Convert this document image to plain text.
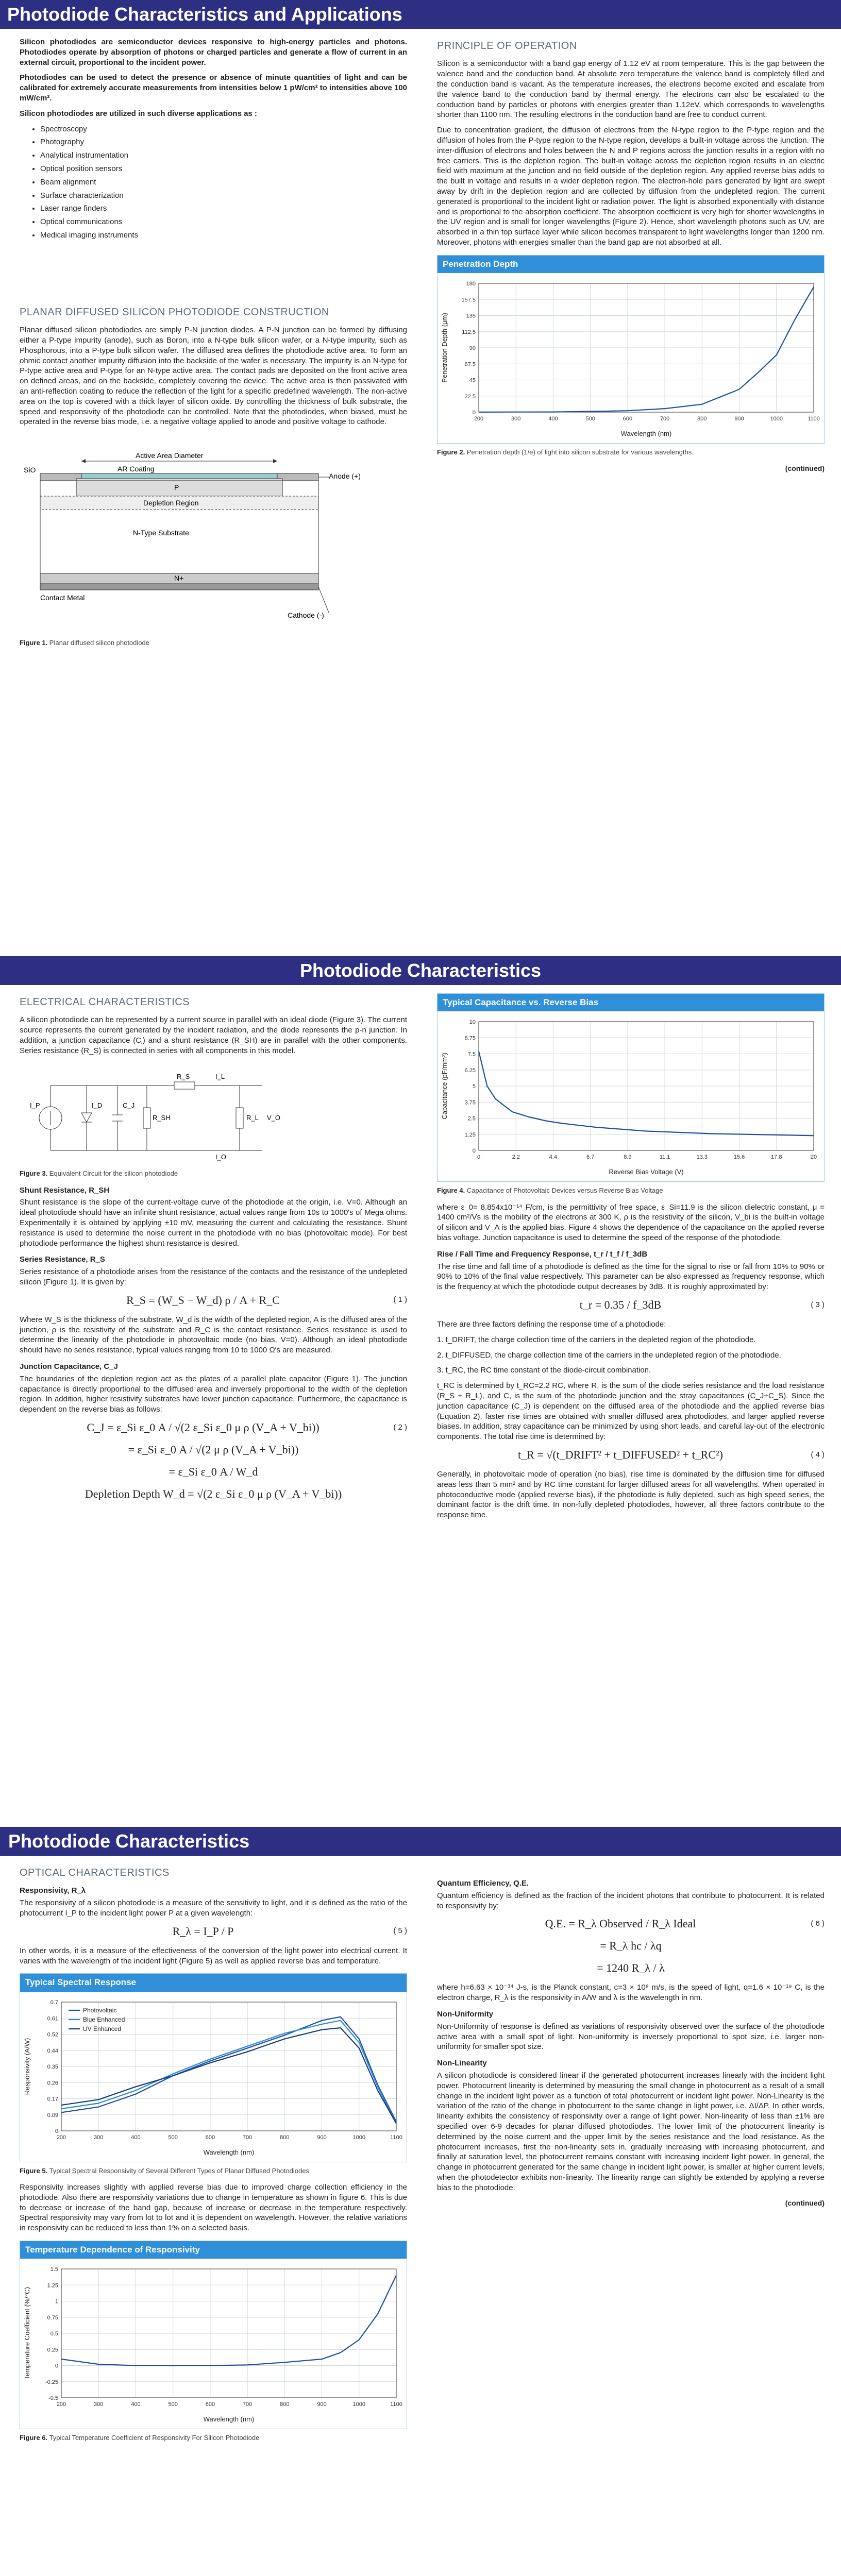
Photodiode Characteristics and Applications

Silicon photodiodes are semiconductor devices responsive to high-energy particles and photons. Photodiodes operate by absorption of photons or charged particles and generate a flow of current in an external circuit, proportional to the incident power.

Photodiodes can be used to detect the presence or absence of minute quantities of light and can be calibrated for extremely accurate measurements from intensities below 1 pW/cm² to intensities above 100 mW/cm².

Silicon photodiodes are utilized in such diverse applications as :

• Spectroscopy
• Photography
• Analytical instrumentation
• Optical position sensors
• Beam alignment
• Surface characterization
• Laser range finders
• Optical communications
• Medical imaging instruments
PLANAR DIFFUSED SILICON PHOTODIODE CONSTRUCTION

Planar diffused silicon photodiodes are simply P-N junction diodes. A P-N junction can be formed by diffusing either a P-type impurity (anode), such as Boron, into a N-type bulk silicon wafer, or a N-type impurity, such as Phosphorous, into a P-type bulk silicon wafer. The diffused area defines the photodiode active area. To form an ohmic contact another impurity diffusion into the backside of the wafer is necessary. The impurity is an N-type for P-type active area and P-type for an N-type active area. The contact pads are deposited on the front active area on defined areas, and on the backside, completely covering the device. The active area is then passivated with an anti-reflection coating to reduce the reflection of the light for a specific predefined wavelength. The non-active area on the top is covered with a thick layer of silicon oxide. By controlling the thickness of bulk substrate, the speed and responsivity of the photodiode can be controlled. Note that the photodiodes, when biased, must be operated in the reverse bias mode, i.e. a negative voltage applied to anode and positive voltage to cathode.

Active Area Diameter
SiO	AR Coating
P
Anode (+)
Depletion Region
N-Type Substrate
N+
Contact Metal
Cathode (-)
Figure 1. Planar diffused silicon photodiode
PRINCIPLE OF OPERATION

Silicon is a semiconductor with a band gap energy of 1.12 eV at room temperature. This is the gap between the valence band and the conduction band. At absolute zero temperature the valence band is completely filled and the conduction band is vacant. As the temperature increases, the electrons become excited and escalate from the valence band to the conduction band by thermal energy. The electrons can also be escalated to the conduction band by particles or photons with energies greater than 1.12eV, which corresponds to wavelengths shorter than 1100 nm. The resulting electrons in the conduction band are free to conduct current.

Due to concentration gradient, the diffusion of electrons from the N-type region to the P-type region and the diffusion of holes from the P-type region to the N-type region, develops a built-in voltage across the junction. The inter-diffusion of electrons and holes between the N and P regions across the junction results in a region with no free carriers. This is the depletion region. The built-in voltage across the depletion region results in an electric field with maximum at the junction and no field outside of the depletion region. Any applied reverse bias adds to the built in voltage and results in a wider depletion region. The electron-hole pairs generated by light are swept away by drift in the depletion region and are collected by diffusion from the undepleted region. The current generated is proportional to the incident light or radiation power. The light is absorbed exponentially with distance and is proportional to the absorption coefficient. The absorption coefficient is very high for shorter wavelengths in the UV region and is small for longer wavelengths (Figure 2). Hence, short wavelength photons such as UV, are absorbed in a thin top surface layer while silicon becomes transparent to light wavelengths longer than 1200 nm. Moreover, photons with energies smaller than the band gap are not absorbed at all.

Penetration Depth
0
22.5
45
67.5
90
112.5
135
157.5
180
200	300	400	500	600	700	800	900	1000	1100
Wavelength (nm)
Penetration Depth (µm)
Figure 2. Penetration depth (1/e) of light into silicon substrate for various wavelengths.
(continued)
Photodiode Characteristics
ELECTRICAL CHARACTERISTICS

A silicon photodiode can be represented by a current source in parallel with an ideal diode (Figure 3). The current source represents the current generated by the incident radiation, and the diode represents the p-n junction. In addition, a junction capacitance (Cⱼ) and a shunt resistance (R_SH) are in parallel with the other components. Series resistance (R_S) is connected in series with all components in this model.

I_P	I_D	C_J
R_SH
R_S	I_L
R_L V_O
I_O
Figure 3. Equivalent Circuit for the silicon photodiode
Shunt Resistance, R_SH

Shunt resistance is the slope of the current-voltage curve of the photodiode at the origin, i.e. V=0. Although an ideal photodiode should have an infinite shunt resistance, actual values range from 10s to 1000's of Mega ohms. Experimentally it is obtained by applying ±10 mV, measuring the current and calculating the resistance. Shunt resistance is used to determine the noise current in the photodiode with no bias (photovoltaic mode). For best photodiode performance the highest shunt resistance is desired.

Series Resistance, R_S

Series resistance of a photodiode arises from the resistance of the contacts and the resistance of the undepleted silicon (Figure 1). It is given by:

R_S = (W_S − W_d) ρ / A + R_C	( 1 )

Where W_S is the thickness of the substrate, W_d is the width of the depleted region, A is the diffused area of the junction, ρ is the resistivity of the substrate and R_C is the contact resistance. Series resistance is used to determine the linearity of the photodiode in photovoltaic mode (no bias, V=0). Although an ideal photodiode should have no series resistance, typical values ranging from 10 to 1000 Ω's are measured.

Junction Capacitance, C_J

The boundaries of the depletion region act as the plates of a parallel plate capacitor (Figure 1). The junction capacitance is directly proportional to the diffused area and inversely proportional to the width of the depletion region. In addition, higher resistivity substrates have lower junction capacitance. Furthermore, the capacitance is dependent on the reverse bias as follows:

C_J = ε_Si ε_0 A / √(2 ε_Si ε_0 μ ρ (V_A + V_bi))	( 2 )
= ε_Si ε_0 A / √(2 μ ρ (V_A + V_bi))
= ε_Si ε_0 A / W_d
Depletion Depth W_d = √(2 ε_Si ε_0 μ ρ (V_A + V_bi))
Typical Capacitance vs. Reverse Bias
0
1.25
2.5
3.75
5
6.25
7.5
8.75
10
0	2.2	4.4	6.7	8.9	11.1	13.3	15.6	17.8	20
Reverse Bias Voltage (V)
Capacitance (pF/mm²)
Figure 4. Capacitance of Photovoltaic Devices versus Reverse Bias Voltage

where ε_0= 8.854x10⁻¹⁴ F/cm, is the permittivity of free space, ε_Si=11.9 is the silicon dielectric constant, μ = 1400 cm²/Vs is the mobility of the electrons at 300 K, ρ is the resistivity of the silicon, V_bi is the built-in voltage of silicon and V_A is the applied bias. Figure 4 shows the dependence of the capacitance on the applied reverse bias voltage. Junction capacitance is used to determine the speed of the response of the photodiode.

Rise / Fall Time and Frequency Response, t_r / t_f / f_3dB

The rise time and fall time of a photodiode is defined as the time for the signal to rise or fall from 10% to 90% or 90% to 10% of the final value respectively. This parameter can be also expressed as frequency response, which is the frequency at which the photodiode output decreases by 3dB. It is roughly approximated by:

t_r = 0.35 / f_3dB	( 3 )

There are three factors defining the response time of a photodiode:

1. t_DRIFT, the charge collection time of the carriers in the depleted region of the photodiode.

2. t_DIFFUSED, the charge collection time of the carriers in the undepleted region of the photodiode.

3. t_RC, the RC time constant of the diode-circuit combination.

t_RC is determined by t_RC=2.2 RC, where R, is the sum of the diode series resistance and the load resistance (R_S + R_L), and C, is the sum of the photodiode junction and the stray capacitances (C_J+C_S). Since the junction capacitance (C_J) is dependent on the diffused area of the photodiode and the applied reverse bias (Equation 2), faster rise times are obtained with smaller diffused area photodiodes, and larger applied reverse biases. In addition, stray capacitance can be minimized by using short leads, and careful lay-out of the electronic components. The total rise time is determined by:

t_R = √(t_DRIFT² + t_DIFFUSED² + t_RC²)	( 4 )

Generally, in photovoltaic mode of operation (no bias), rise time is dominated by the diffusion time for diffused areas less than 5 mm² and by RC time constant for larger diffused areas for all wavelengths. When operated in photoconductive mode (applied reverse bias), if the photodiode is fully depleted, such as high speed series, the dominant factor is the drift time. In non-fully depleted photodiodes, however, all three factors contribute to the response time.

Photodiode Characteristics
OPTICAL CHARACTERISTICS
Responsivity, R_λ

The responsivity of a silicon photodiode is a measure of the sensitivity to light, and it is defined as the ratio of the photocurrent I_P to the incident light power P at a given wavelength:

R_λ = I_P / P	( 5 )

In other words, it is a measure of the effectiveness of the conversion of the light power into electrical current. It varies with the wavelength of the incident light (Figure 5) as well as applied reverse bias and temperature.

Typical Spectral Response
0
0.09
0.17
0.26
0.35
0.44
0.52
0.61
0.7
200	300	400	500	600	700	800	900	1000	1100
Wavelength (nm)
Responsivity (A/W)
Photovoltaic
Blue Enhanced
UV Enhanced
Figure 5. Typical Spectral Responsivity of Several Different Types of Planar Diffused Photodiodes

Responsivity increases slightly with applied reverse bias due to improved charge collection efficiency in the photodiode. Also there are responsivity variations due to change in temperature as shown in figure 6. This is due to decrease or increase of the band gap, because of increase or decrease in the temperature respectively. Spectral responsivity may vary from lot to lot and it is dependent on wavelength. However, the relative variations in responsivity can be reduced to less than 1% on a selected basis.

Temperature Dependence of Responsivity
-0.5
-0.25
0
0.25
0.5
0.75
1
1.25
1.5
200	300	400	500	600	700	800	900	1000	1100
Wavelength (nm)
Temperature Coefficient (%/°C)
Figure 6. Typical Temperature Coefficient of Responsivity For Silicon Photodiode
Quantum Efficiency, Q.E.

Quantum efficiency is defined as the fraction of the incident photons that contribute to photocurrent. It is related to responsivity by:

Q.E. = R_λ Observed / R_λ Ideal	( 6 )
= R_λ hc / λq
= 1240 R_λ / λ

where h=6.63 × 10⁻³⁴ J-s, is the Planck constant, c=3 × 10⁸ m/s, is the speed of light, q=1.6 × 10⁻¹⁹ C, is the electron charge, R_λ is the responsivity in A/W and λ is the wavelength in nm.

Non-Uniformity

Non-Uniformity of response is defined as variations of responsivity observed over the surface of the photodiode active area with a small spot of light. Non-uniformity is inversely proportional to spot size, i.e. larger non-uniformity for smaller spot size.

Non-Linearity

A silicon photodiode is considered linear if the generated photocurrent increases linearly with the incident light power. Photocurrent linearity is determined by measuring the small change in photocurrent as a result of a small change in the incident light power as a function of total photocurrent or incident light power. Non-Linearity is the variation of the ratio of the change in photocurrent to the same change in light power, i.e. ΔI/ΔP. In other words, linearity exhibits the consistency of responsivity over a range of light power. Non-linearity of less than ±1% are specified over 6-9 decades for planar diffused photodiodes. The lower limit of the photocurrent linearity is determined by the noise current and the upper limit by the series resistance and the load resistance. As the photocurrent increases, first the non-linearity sets in, gradually increasing with increasing photocurrent, and finally at saturation level, the photocurrent remains constant with increasing incident light power. In general, the change in photocurrent generated for the same change in incident light power, is smaller at higher current levels, when the photodetector exhibits non-linearity. The linearity range can slightly be extended by applying a reverse bias to the photodiode.

(continued)
